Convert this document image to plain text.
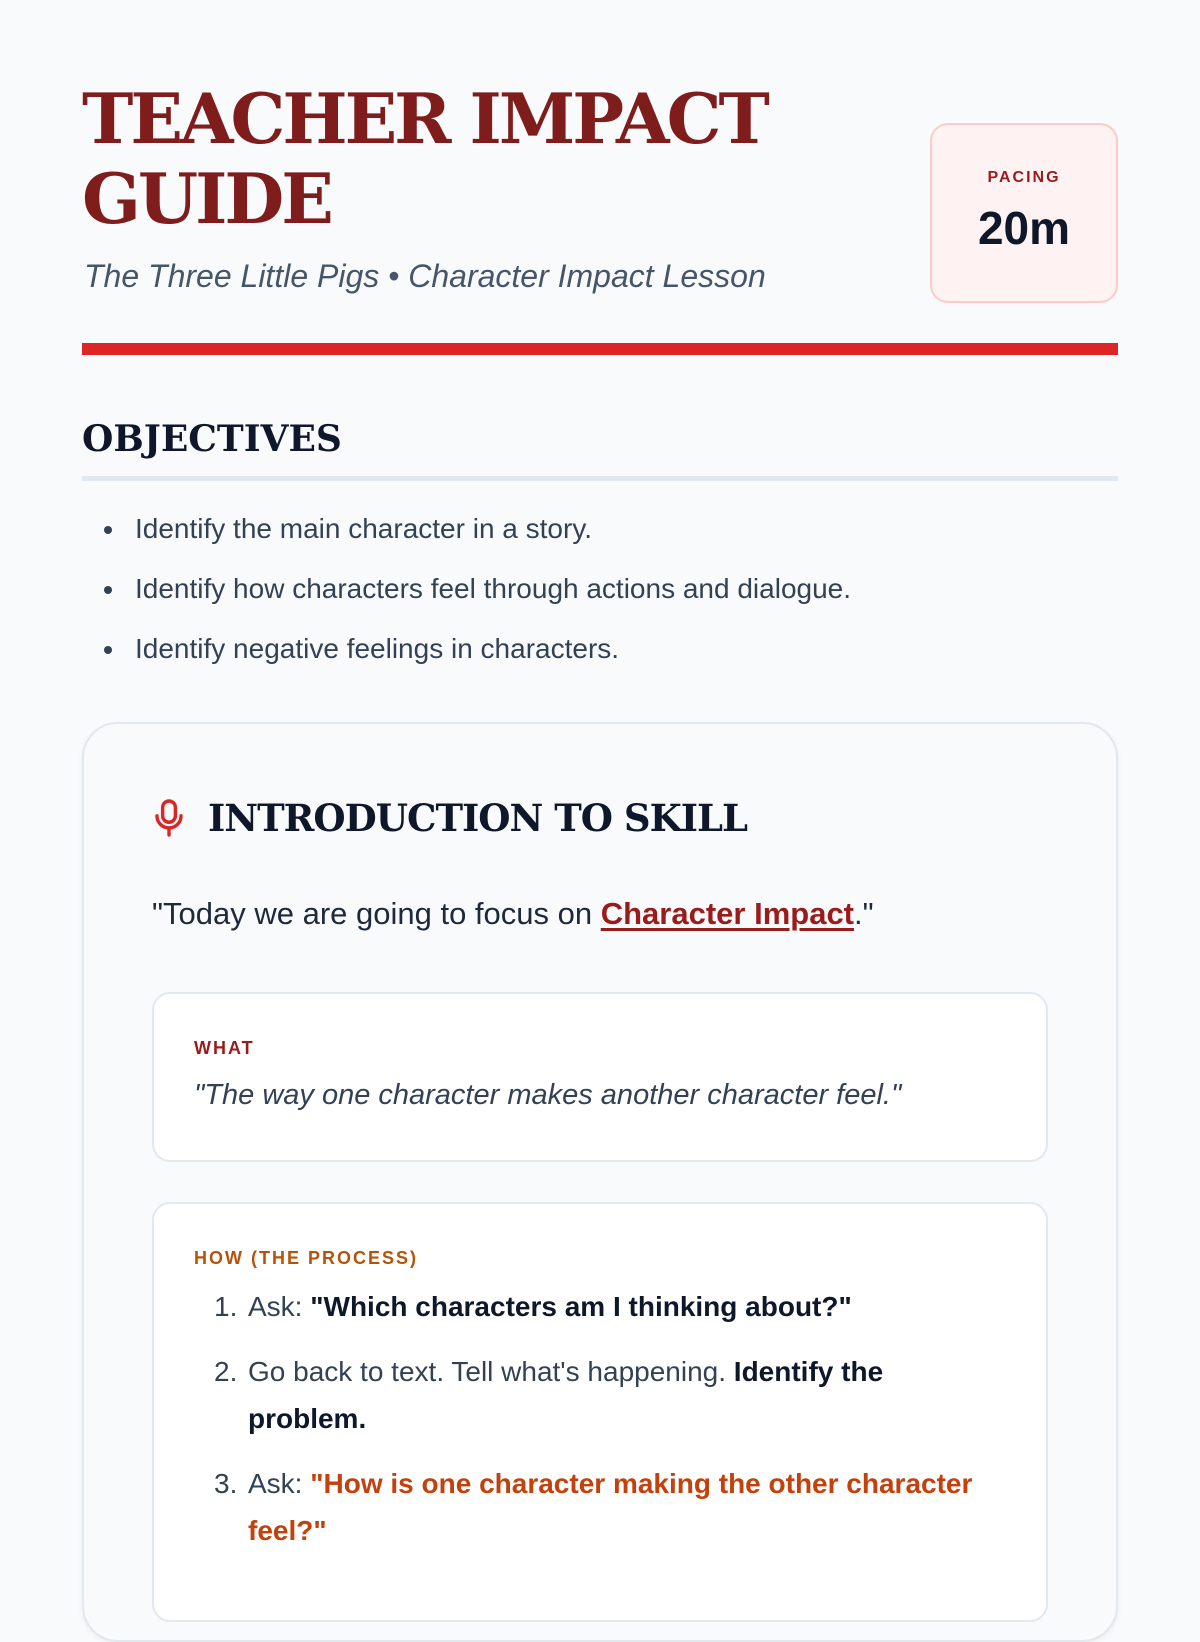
TEACHER IMPACT
GUIDE
The Three Little Pigs • Character Impact Lesson
PACING
20m
OBJECTIVES
Identify the main character in a story.
Identify how characters feel through actions and dialogue.
Identify negative feelings in characters.
INTRODUCTION TO SKILL

"Today we are going to focus on Character Impact."

WHAT

"The way one character makes another character feel."

HOW (THE PROCESS)
1. Ask: "Which characters am I thinking about?"
2. Go back to text. Tell what's happening. Identify the problem.
3. Ask: "How is one character making the other character feel?"
